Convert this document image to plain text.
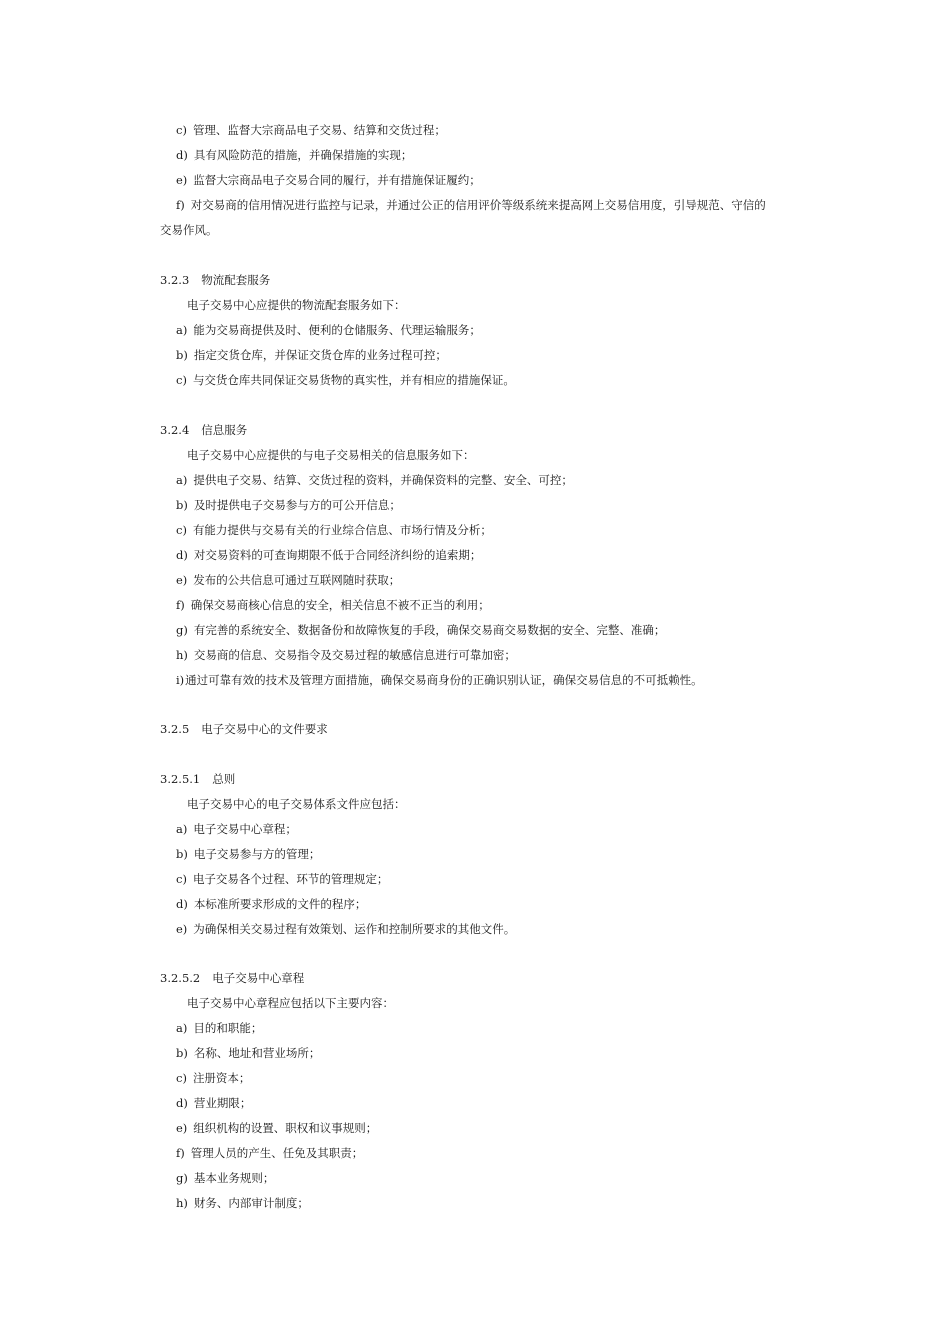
c) 管理、监督大宗商品电子交易、结算和交货过程；
d) 具有风险防范的措施，并确保措施的实现；
e) 监督大宗商品电子交易合同的履行，并有措施保证履约；
f) 对交易商的信用情况进行监控与记录，并通过公正的信用评价等级系统来提高网上交易信用度，引导规范、守信的
交易作风。
3.2.3 物流配套服务
电子交易中心应提供的物流配套服务如下：
a) 能为交易商提供及时、便利的仓储服务、代理运输服务；
b) 指定交货仓库，并保证交货仓库的业务过程可控；
c) 与交货仓库共同保证交易货物的真实性，并有相应的措施保证。
3.2.4 信息服务
电子交易中心应提供的与电子交易相关的信息服务如下：
a) 提供电子交易、结算、交货过程的资料，并确保资料的完整、安全、可控；
b) 及时提供电子交易参与方的可公开信息；
c) 有能力提供与交易有关的行业综合信息、市场行情及分析；
d) 对交易资料的可查询期限不低于合同经济纠纷的追索期；
e) 发布的公共信息可通过互联网随时获取；
f) 确保交易商核心信息的安全，相关信息不被不正当的利用；
g) 有完善的系统安全、数据备份和故障恢复的手段，确保交易商交易数据的安全、完整、准确；
h) 交易商的信息、交易指令及交易过程的敏感信息进行可靠加密；
i)通过可靠有效的技术及管理方面措施，确保交易商身份的正确识别认证，确保交易信息的不可抵赖性。
3.2.5 电子交易中心的文件要求
3.2.5.1 总则
电子交易中心的电子交易体系文件应包括：
a) 电子交易中心章程；
b) 电子交易参与方的管理；
c) 电子交易各个过程、环节的管理规定；
d) 本标准所要求形成的文件的程序；
e) 为确保相关交易过程有效策划、运作和控制所要求的其他文件。
3.2.5.2 电子交易中心章程
电子交易中心章程应包括以下主要内容：
a) 目的和职能；
b) 名称、地址和营业场所；
c) 注册资本；
d) 营业期限；
e) 组织机构的设置、职权和议事规则；
f) 管理人员的产生、任免及其职责；
g) 基本业务规则；
h) 财务、内部审计制度；
